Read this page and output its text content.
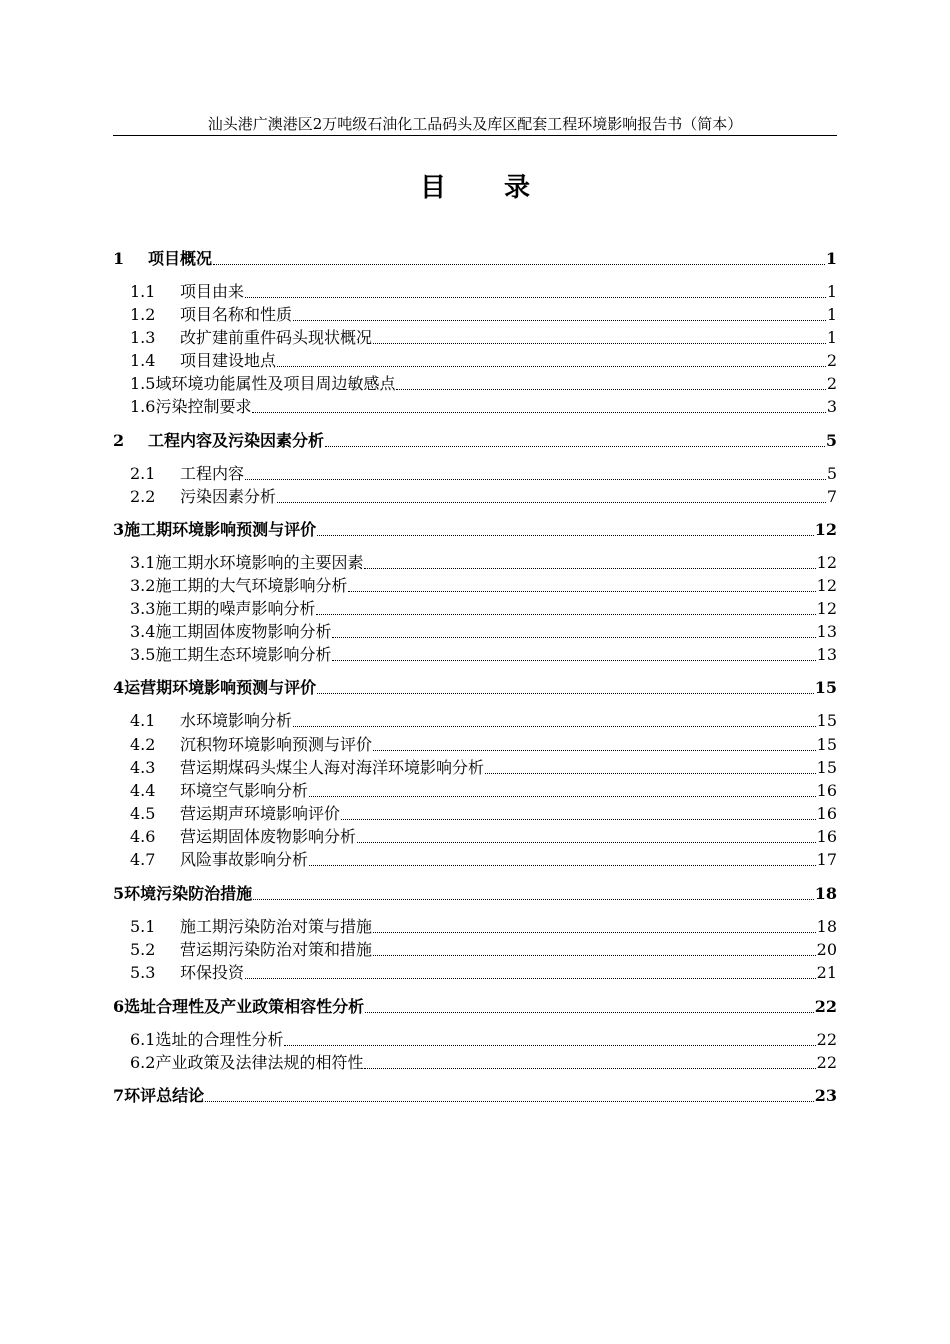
汕头港广澳港区2万吨级石油化工品码头及库区配套工程环境影响报告书（简本）
目录
1	项目概况	1
1.1	项目由来	1
1.2	项目名称和性质	1
1.3	改扩建前重件码头现状概况	1
1.4	项目建设地点	2
1.5 域环境功能属性及项目周边敏感点	2
1.6 污染控制要求	3
2	工程内容及污染因素分析	5
2.1	工程内容	5
2.2	污染因素分析	7
3 施工期环境影响预测与评价	12
3.1 施工期水环境影响的主要因素	12
3.2 施工期的大气环境影响分析	12
3.3 施工期的噪声影响分析	12
3.4 施工期固体废物影响分析	13
3.5 施工期生态环境影响分析	13
4 运营期环境影响预测与评价	15
4.1	水环境影响分析	15
4.2	沉积物环境影响预测与评价	15
4.3	营运期煤码头煤尘人海对海洋环境影响分析	15
4.4	环境空气影响分析	16
4.5	营运期声环境影响评价	16
4.6	营运期固体废物影响分析	16
4.7	风险事故影响分析	17
5 环境污染防治措施	18
5.1	施工期污染防治对策与措施	18
5.2	营运期污染防治对策和措施	20
5.3	环保投资	21
6 选址合理性及产业政策相容性分析	22
6.1 选址的合理性分析	22
6.2 产业政策及法律法规的相符性	22
7 环评总结论	23
